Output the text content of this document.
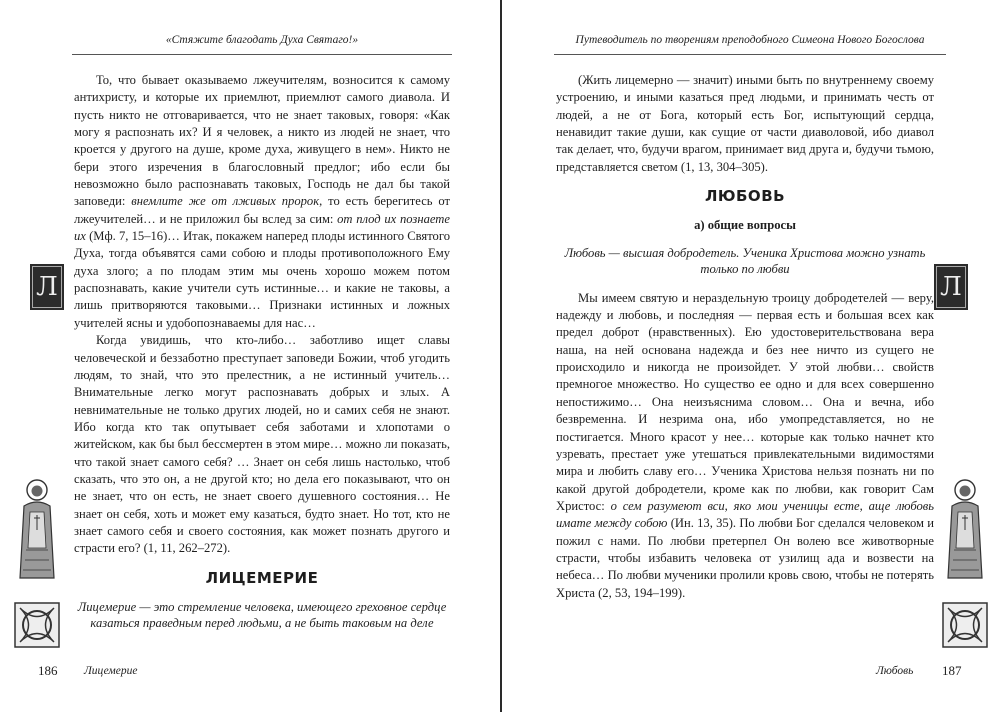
«Стяжите благодать Духа Святаго!»
Л

То, что бывает оказываемо лжеучителям, возносится к самому антихристу, и которые их приемлют, приемлют самого диавола. И пусть никто не отговаривается, что не знает таковых, говоря: «Как могу я распознать их? И я человек, а никто из людей не знает, что кроется у другого на душе, кроме духа, живущего в нем». Никто не бери этого изречения в благословный предлог; ибо если бы невозможно было распознавать таковых, Господь не дал бы такой заповеди: внемлите же от лживых пророк, то есть берегитесь от лжеучителей… и не приложил бы вслед за сим: от плод их познаете их (Мф. 7, 15–16)… Итак, покажем наперед плоды истинного Святого Духа, тогда объявятся сами собою и плоды противоположного Ему духа злого; а по плодам этим мы очень хорошо можем потом распознавать, какие учители суть истинные… и какие не таковы, а лишь притворяются таковыми… Признаки истинных и ложных учителей ясны и удобопознаваемы для нас…

Когда увидишь, что кто-либо… заботливо ищет славы человеческой и беззаботно преступает заповеди Божии, чтоб угодить людям, то знай, что это прелестник, а не истинный учитель… Внимательные легко могут распознавать добрых и злых. А невнимательные не только других людей, но и самих себя не знают. Ибо когда кто так опутывает себя заботами и хлопотами о житейском, как бы был бессмертен в этом мире… можно ли показать, что такой знает самого себя? … Знает он себя лишь настолько, чтоб сказать, что это он, а не другой кто; но дела его показывают, что он не знает, что он есть, не знает своего душевного состояния… Не знает он себя, хоть и может ему казаться, будто знает. Но тот, кто не знает самого себя и своего состояния, как может познать другого и страсти его? (1, 11, 262–272).

ЛИЦЕМЕРИЕ
Лицемерие — это стремление человека, имеющего греховное сердце казаться праведным перед людьми, а не быть таковым на деле
186 Лицемерие
Путеводитель по творениям преподобного Симеона Нового Богослова
Л

(Жить лицемерно — значит) иными быть по внутреннему своему устроению, и иными казаться пред людьми, и принимать честь от людей, а не от Бога, который есть Бог, испытующий сердца, ненавидит такие души, как сущие от части диаволовой, ибо диавол так делает, что, будучи врагом, принимает вид друга и, будучи тьмою, представляется светом (1, 13, 304–305).

ЛЮБОВЬ
а) общие вопросы
Любовь — высшая добродетель. Ученика Христова можно узнать только по любви

Мы имеем святую и нераздельную троицу добродетелей — веру, надежду и любовь, и последняя — первая есть и большая всех как предел доброт (нравственных). Ею удостоверительствована вера наша, на ней основана надежда и без нее ничто из сущего не происходило и никогда не произойдет. У этой любви… свойств премногое множество. Но существо ее одно и для всех совершенно непостижимо… Она неизъяснима словом… Она и вечна, ибо безвременна. И незрима она, ибо умопредставляется, но не постигается. Много красот у нее… которые как только начнет кто узревать, престает уже утешаться привлекательными видимостями мира и любить славу его… Ученика Христова нельзя познать ни по какой другой добродетели, кроме как по любви, как говорит Сам Христос: о сем разумеют вси, яко мои ученицы есте, аще любовь имате между собою (Ин. 13, 35). По любви Бог сделался человеком и пожил с нами. По любви претерпел Он волею все животворные страсти, чтобы избавить человека от узилищ ада и возвести на небеса… По любви мученики пролили кровь свою, чтобы не потерять Христа (2, 53, 194–199).

Любовь 187
